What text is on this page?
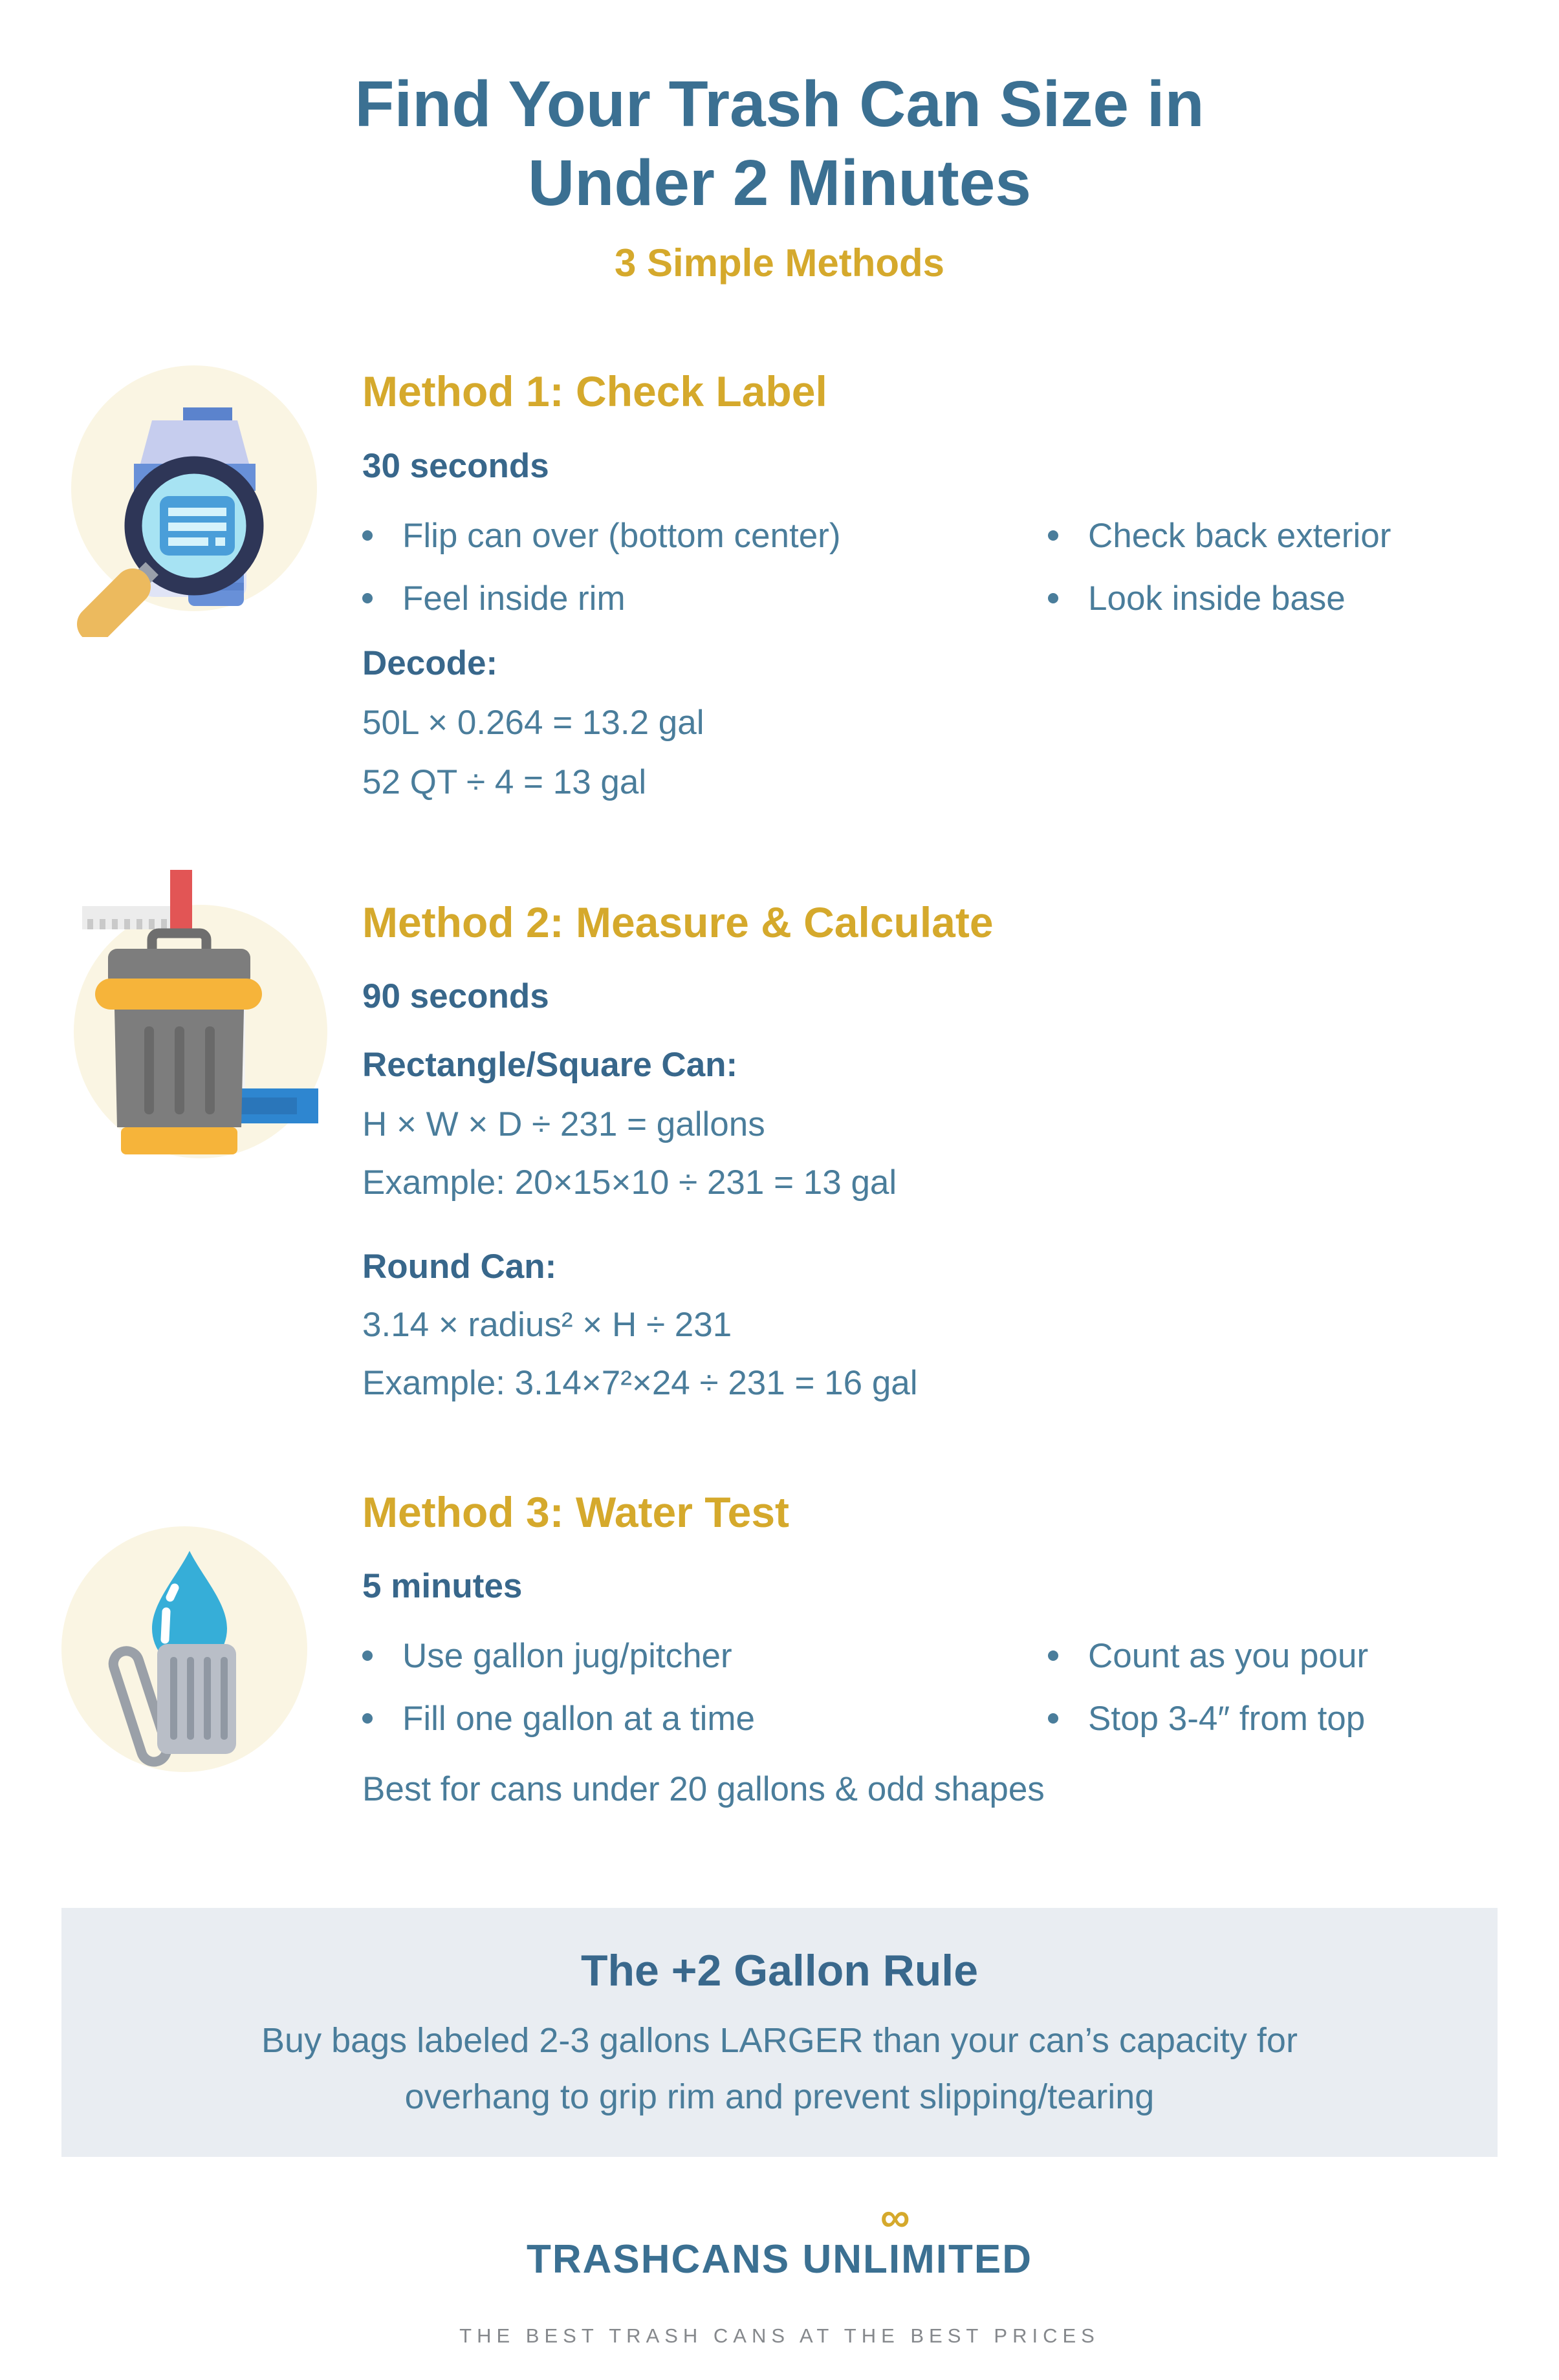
Find Your Trash Can Size in
Under 2 Minutes
3 Simple Methods
Method 1: Check Label
30 seconds
Flip can over (bottom center)
Feel inside rim
Check back exterior
Look inside base
Decode:
50L × 0.264 = 13.2 gal
52 QT ÷ 4 = 13 gal
Method 2: Measure & Calculate
90 seconds
Rectangle/Square Can:
H × W × D ÷ 231 = gallons
Example: 20×15×10 ÷ 231 = 13 gal
Round Can:
3.14 × radius² × H ÷ 231
Example: 3.14×7²×24 ÷ 231 = 16 gal
Method 3: Water Test
5 minutes
Use gallon jug/pitcher
Fill one gallon at a time
Count as you pour
Stop 3-4″ from top
Best for cans under 20 gallons & odd shapes
The +2 Gallon Rule
Buy bags labeled 2-3 gallons LARGER than your can’s capacity for
overhang to grip rim and prevent slipping/tearing
∞
TRASHCANS UNLIMITED
THE BEST TRASH CANS AT THE BEST PRICES
